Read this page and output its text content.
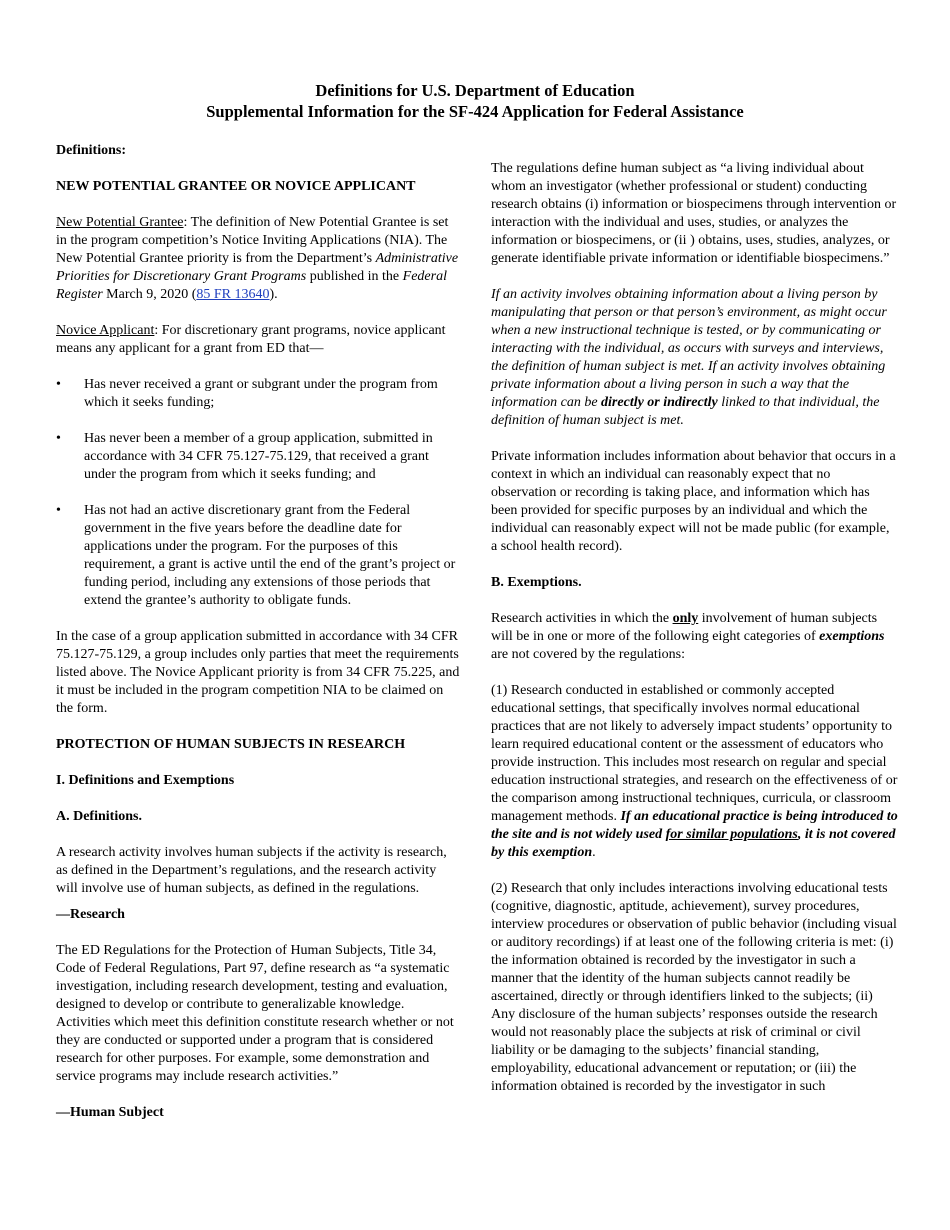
Definitions for U.S. Department of Education
Supplemental Information for the SF-424 Application for Federal Assistance

Definitions:

NEW POTENTIAL GRANTEE OR NOVICE APPLICANT

New Potential Grantee: The definition of New Potential Grantee is set in the program competition’s Notice Inviting Applications (NIA). The New Potential Grantee priority is from the Department’s Administrative Priorities for Discretionary Grant Programs published in the Federal Register March 9, 2020 (85 FR 13640).

Novice Applicant: For discretionary grant programs, novice applicant means any applicant for a grant from ED that—

• Has never received a grant or subgrant under the program from which it seeks funding;
• Has never been a member of a group application, submitted in accordance with 34 CFR 75.127-75.129, that received a grant under the program from which it seeks funding; and
• Has not had an active discretionary grant from the Federal government in the five years before the deadline date for applications under the program. For the purposes of this requirement, a grant is active until the end of the grant’s project or funding period, including any extensions of those periods that extend the grantee’s authority to obligate funds.

In the case of a group application submitted in accordance with 34 CFR 75.127-75.129, a group includes only parties that meet the requirements listed above. The Novice Applicant priority is from 34 CFR 75.225, and it must be included in the program competition NIA to be claimed on the form.

PROTECTION OF HUMAN SUBJECTS IN RESEARCH

I. Definitions and Exemptions

A. Definitions.

A research activity involves human subjects if the activity is research, as defined in the Department’s regulations, and the research activity will involve use of human subjects, as defined in the regulations.

—Research

The ED Regulations for the Protection of Human Subjects, Title 34, Code of Federal Regulations, Part 97, define research as “a systematic investigation, including research development, testing and evaluation, designed to develop or contribute to generalizable knowledge. Activities which meet this definition constitute research whether or not they are conducted or supported under a program that is considered research for other purposes. For example, some demonstration and service programs may include research activities.”

—Human Subject

The regulations define human subject as “a living individual about whom an investigator (whether professional or student) conducting research obtains (i) information or biospecimens through intervention or interaction with the individual and uses, studies, or analyzes the information or biospecimens, or (ii ) obtains, uses, studies, analyzes, or generate identifiable private information or identifiable biospecimens.”

If an activity involves obtaining information about a living person by manipulating that person or that person’s environment, as might occur when a new instructional technique is tested, or by communicating or interacting with the individual, as occurs with surveys and interviews, the definition of human subject is met. If an activity involves obtaining private information about a living person in such a way that the information can be directly or indirectly linked to that individual, the definition of human subject is met.

Private information includes information about behavior that occurs in a context in which an individual can reasonably expect that no observation or recording is taking place, and information which has been provided for specific purposes by an individual and which the individual can reasonably expect will not be made public (for example, a school health record).

B. Exemptions.

Research activities in which the only involvement of human subjects will be in one or more of the following eight categories of exemptions are not covered by the regulations:

(1) Research conducted in established or commonly accepted educational settings, that specifically involves normal educational practices that are not likely to adversely impact students’ opportunity to learn required educational content or the assessment of educators who provide instruction. This includes most research on regular and special education instructional strategies, and research on the effectiveness of or the comparison among instructional techniques, curricula, or classroom management methods. If an educational practice is being introduced to the site and is not widely used for similar populations, it is not covered by this exemption.

(2) Research that only includes interactions involving educational tests (cognitive, diagnostic, aptitude, achievement), survey procedures, interview procedures or observation of public behavior (including visual or auditory recordings) if at least one of the following criteria is met: (i) the information obtained is recorded by the investigator in such a manner that the identity of the human subjects cannot readily be ascertained, directly or through identifiers linked to the subjects; (ii) Any disclosure of the human subjects’ responses outside the research would not reasonably place the subjects at risk of criminal or civil liability or be damaging to the subjects’ financial standing, employability, educational advancement or reputation; or (iii) the information obtained is recorded by the investigator in such
